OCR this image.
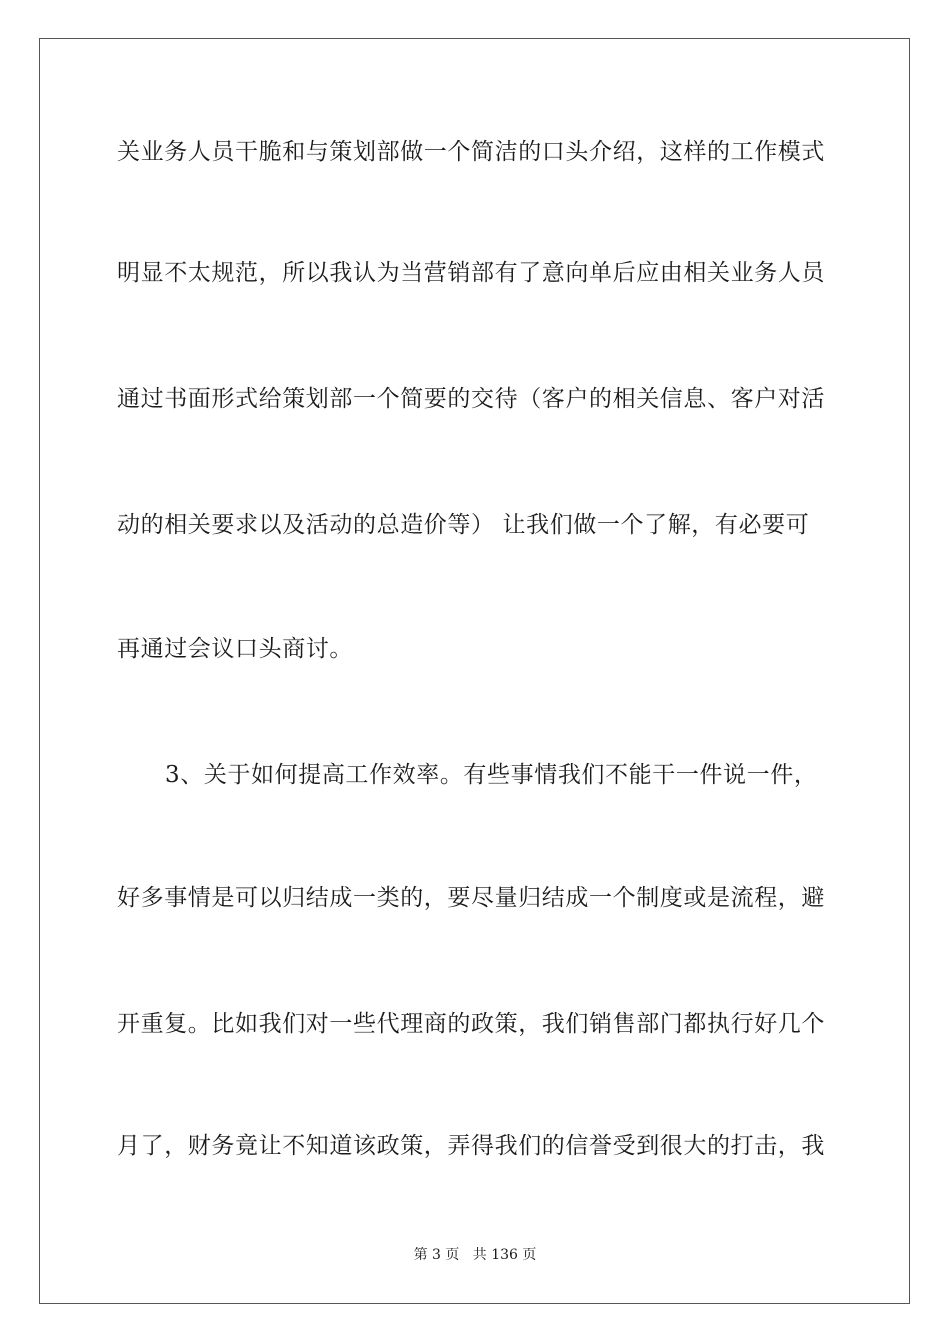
关业务人员干脆和与策划部做一个简洁的口头介绍，这样的工作模式
明显不太规范，所以我认为当营销部有了意向单后应由相关业务人员
通过书面形式给策划部一个简要的交待（客户的相关信息、客户对活
动的相关要求以及活动的总造价等） 让我们做一个了解，有必要可
再通过会议口头商讨。
3、关于如何提高工作效率。有些事情我们不能干一件说一件，
好多事情是可以归结成一类的，要尽量归结成一个制度或是流程，避
开重复。比如我们对一些代理商的政策，我们销售部门都执行好几个
月了，财务竟让不知道该政策，弄得我们的信誉受到很大的打击，我
第 3 页   共 136 页
